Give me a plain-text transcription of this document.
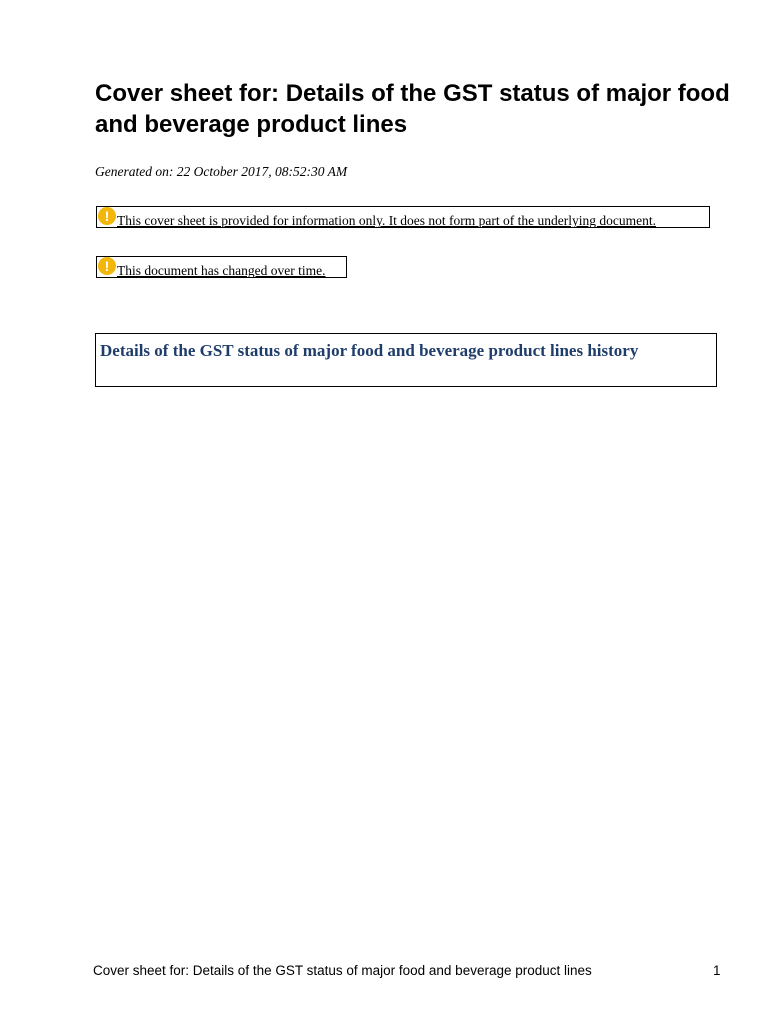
Cover sheet for: Details of the GST status of major food and beverage product lines
Generated on: 22 October 2017, 08:52:30 AM
! This cover sheet is provided for information only. It does not form part of the underlying document.
! This document has changed over time.
Details of the GST status of major food and beverage product lines history
Cover sheet for: Details of the GST status of major food and beverage product lines	1
